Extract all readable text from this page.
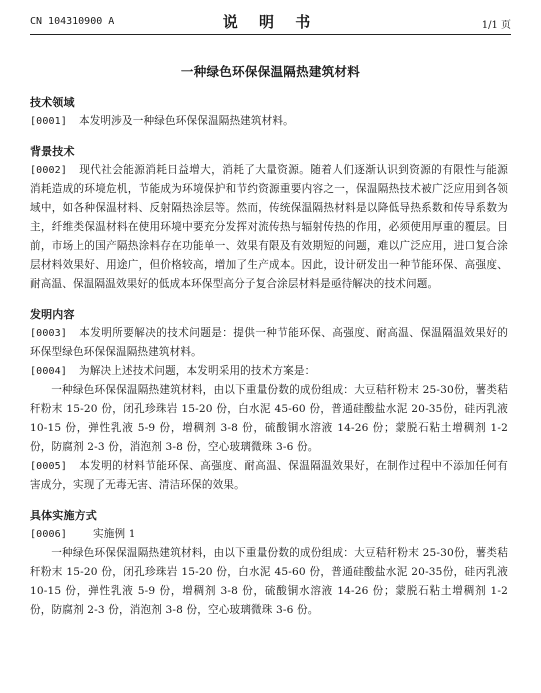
CN 104310900 A	说 明 书	1/1 页
一种绿色环保保温隔热建筑材料
技术领域
[0001] 本发明涉及一种绿色环保保温隔热建筑材料。
背景技术
[0002] 现代社会能源消耗日益增大，消耗了大量资源。随着人们逐渐认识到资源的有限性与能源消耗造成的环境危机，节能成为环境保护和节约资源重要内容之一，保温隔热技术被广泛应用到各领域中，如各种保温材料、反射隔热涂层等。然而，传统保温隔热材料是以降低导热系数和传导系数为主，纤维类保温材料在使用环境中要充分发挥对流传热与辐射传热的作用，必须使用厚重的覆层。目前，市场上的国产隔热涂料存在功能单一、效果有限及有效期短的问题，难以广泛应用，进口复合涂层材料效果好、用途广，但价格较高，增加了生产成本。因此，设计研发出一种节能环保、高强度、耐高温、保温隔温效果好的低成本环保型高分子复合涂层材料是亟待解决的技术问题。
发明内容
[0003] 本发明所要解决的技术问题是：提供一种节能环保、高强度、耐高温、保温隔温效果好的环保型绿色环保保温隔热建筑材料。
[0004] 为解决上述技术问题，本发明采用的技术方案是：
一种绿色环保保温隔热建筑材料，由以下重量份数的成份组成：大豆秸秆粉末 25-30份，薯类秸秆粉末 15-20 份，闭孔珍珠岩 15-20 份，白水泥 45-60 份，普通硅酸盐水泥 20-35份，硅丙乳液 10-15 份，弹性乳液 5-9 份，增稠剂 3-8 份，硫酸铜水溶液 14-26 份；蒙脱石粘土增稠剂 1-2 份，防腐剂 2-3 份，消泡剂 3-8 份，空心玻璃微珠 3-6 份。
[0005] 本发明的材料节能环保、高强度、耐高温、保温隔温效果好，在制作过程中不添加任何有害成分，实现了无毒无害、清洁环保的效果。
具体实施方式
[0006] 实施例 1
一种绿色环保保温隔热建筑材料，由以下重量份数的成份组成：大豆秸秆粉末 25-30份，薯类秸秆粉末 15-20 份，闭孔珍珠岩 15-20 份，白水泥 45-60 份，普通硅酸盐水泥 20-35份，硅丙乳液 10-15 份，弹性乳液 5-9 份，增稠剂 3-8 份，硫酸铜水溶液 14-26 份；蒙脱石粘土增稠剂 1-2 份，防腐剂 2-3 份，消泡剂 3-8 份，空心玻璃微珠 3-6 份。
